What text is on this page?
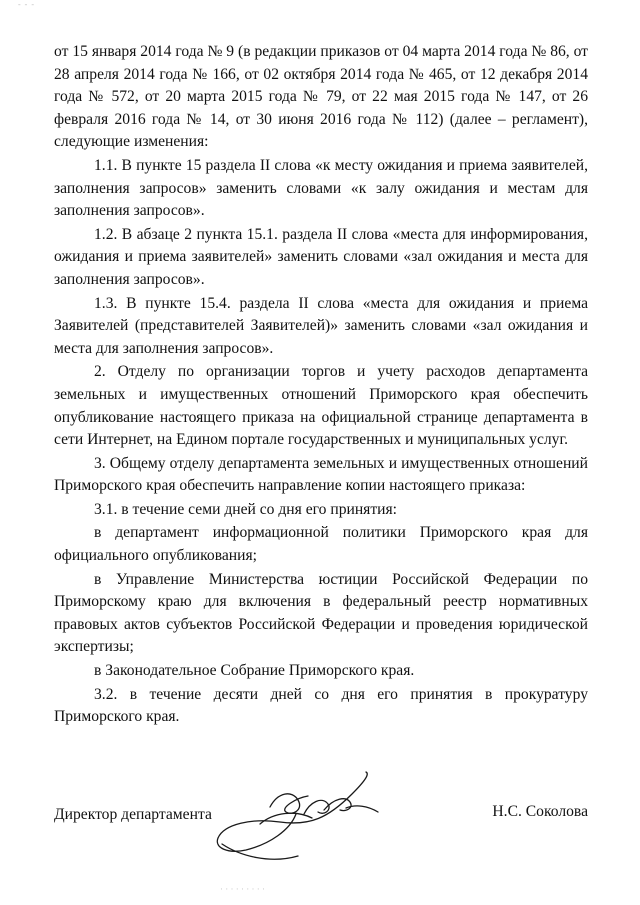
- - -

от 15 января 2014 года № 9 (в редакции приказов от 04 марта 2014 года № 86, от 28 апреля 2014 года № 166, от 02 октября 2014 года № 465, от 12 декабря 2014 года № 572, от 20 марта 2015 года № 79, от 22 мая 2015 года № 147, от 26 февраля 2016 года № 14, от 30 июня 2016 года № 112) (далее – регламент), следующие изменения:

1.1. В пункте 15 раздела II слова «к месту ожидания и приема заявителей, заполнения запросов» заменить словами «к залу ожидания и местам для заполнения запросов».

1.2. В абзаце 2 пункта 15.1. раздела II слова «места для информирования, ожидания и приема заявителей» заменить словами «зал ожидания и места для заполнения запросов».

1.3. В пункте 15.4. раздела II слова «места для ожидания и приема Заявителей (представителей Заявителей)» заменить словами «зал ожидания и места для заполнения запросов».

2. Отделу по организации торгов и учету расходов департамента земельных и имущественных отношений Приморского края обеспечить опубликование настоящего приказа на официальной странице департамента в сети Интернет, на Едином портале государственных и муниципальных услуг.

3. Общему отделу департамента земельных и имущественных отношений Приморского края обеспечить направление копии настоящего приказа:

3.1. в течение семи дней со дня его принятия:

в департамент информационной политики Приморского края для официального опубликования;

в Управление Министерства юстиции Российской Федерации по Приморскому краю для включения в федеральный реестр нормативных правовых актов субъектов Российской Федерации и проведения юридической экспертизы;

в Законодательное Собрание Приморского края.

3.2. в течение десяти дней со дня его принятия в прокуратуру Приморского края.

Директор департамента	Н.С. Соколова
· · · · · · · · ·
